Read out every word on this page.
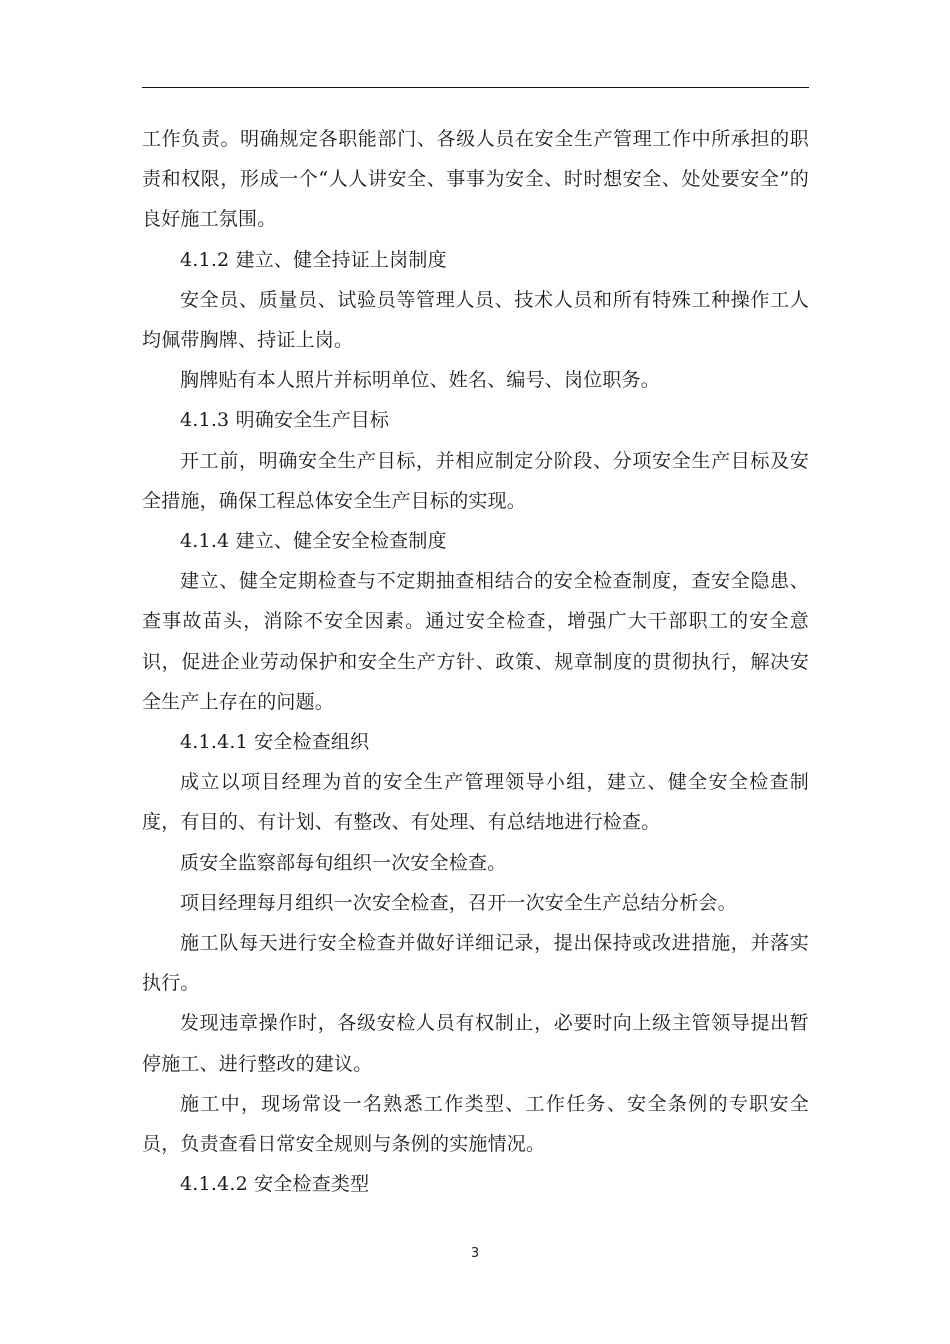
工作负责。明确规定各职能部门、各级人员在安全生产管理工作中所承担的职责和权限，形成一个“人人讲安全、事事为安全、时时想安全、处处要安全”的良好施工氛围。

4.1.2 建立、健全持证上岗制度

安全员、质量员、试验员等管理人员、技术人员和所有特殊工种操作工人均佩带胸牌、持证上岗。

胸牌贴有本人照片并标明单位、姓名、编号、岗位职务。

4.1.3 明确安全生产目标

开工前，明确安全生产目标，并相应制定分阶段、分项安全生产目标及安全措施，确保工程总体安全生产目标的实现。

4.1.4 建立、健全安全检查制度

建立、健全定期检查与不定期抽查相结合的安全检查制度，查安全隐患、查事故苗头，消除不安全因素。通过安全检查，增强广大干部职工的安全意识，促进企业劳动保护和安全生产方针、政策、规章制度的贯彻执行，解决安全生产上存在的问题。

4.1.4.1 安全检查组织

成立以项目经理为首的安全生产管理领导小组，建立、健全安全检查制度，有目的、有计划、有整改、有处理、有总结地进行检查。

质安全监察部每旬组织一次安全检查。

项目经理每月组织一次安全检查，召开一次安全生产总结分析会。

施工队每天进行安全检查并做好详细记录，提出保持或改进措施，并落实执行。

发现违章操作时，各级安检人员有权制止，必要时向上级主管领导提出暂停施工、进行整改的建议。

施工中，现场常设一名熟悉工作类型、工作任务、安全条例的专职安全员，负责查看日常安全规则与条例的实施情况。

4.1.4.2 安全检查类型

3
